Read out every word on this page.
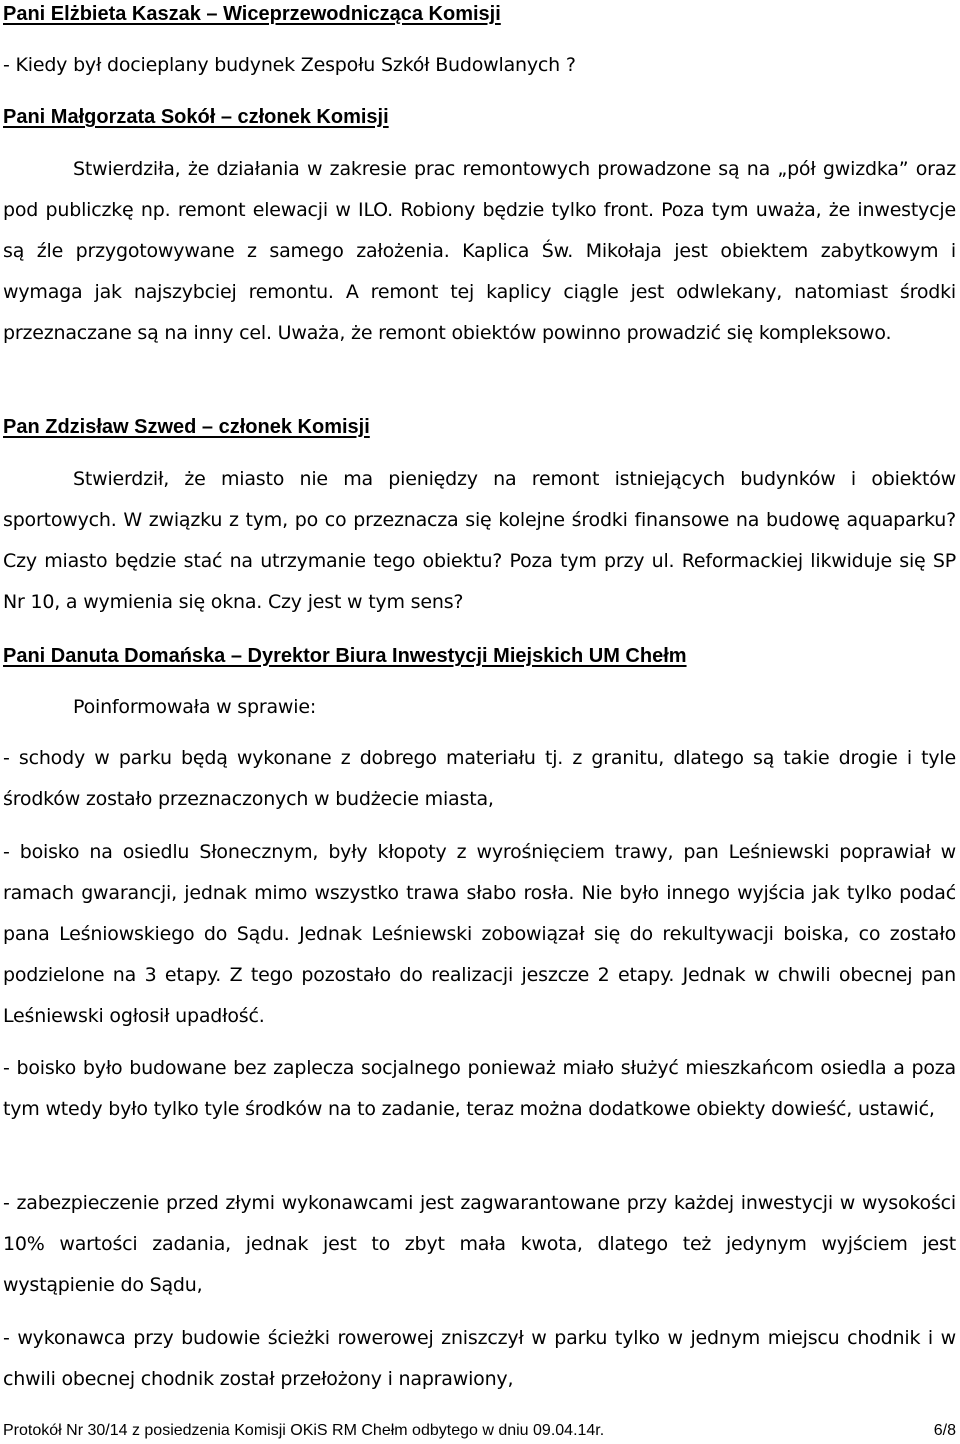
Pani Elżbieta Kaszak – Wiceprzewodnicząca Komisji
- Kiedy był docieplany budynek Zespołu Szkół Budowlanych ?
Pani Małgorzata Sokół – członek Komisji

Stwierdziła, że działania w zakresie prac remontowych prowadzone są na „pół gwizdka” oraz pod publiczkę np. remont elewacji w ILO. Robiony będzie tylko front. Poza tym uważa, że inwestycje są źle przygotowywane z samego założenia. Kaplica Św. Mikołaja jest obiektem zabytkowym i wymaga jak najszybciej remontu. A remont tej kaplicy ciągle jest odwlekany, natomiast środki przeznaczane są na inny cel. Uważa, że remont obiektów powinno prowadzić się kompleksowo.

Pan Zdzisław Szwed – członek Komisji

Stwierdził, że miasto nie ma pieniędzy na remont istniejących budynków i obiektów sportowych. W związku z tym, po co przeznacza się kolejne środki finansowe na budowę aquaparku? Czy miasto będzie stać na utrzymanie tego obiektu? Poza tym przy ul. Reformackiej likwiduje się SP Nr 10, a wymienia się okna. Czy jest w tym sens?

Pani Danuta Domańska – Dyrektor Biura Inwestycji Miejskich UM Chełm
Poinformowała w sprawie:

- schody w parku będą wykonane z dobrego materiału tj. z granitu, dlatego są takie drogie i tyle środków zostało przeznaczonych w budżecie miasta,

- boisko na osiedlu Słonecznym, były kłopoty z wyrośnięciem trawy, pan Leśniewski poprawiał w ramach gwarancji, jednak mimo wszystko trawa słabo rosła. Nie było innego wyjścia jak tylko podać pana Leśniowskiego do Sądu. Jednak Leśniewski zobowiązał się do rekultywacji boiska, co zostało podzielone na 3 etapy. Z tego pozostało do realizacji jeszcze 2 etapy. Jednak w chwili obecnej pan Leśniewski ogłosił upadłość.

- boisko było budowane bez zaplecza socjalnego ponieważ miało służyć mieszkańcom osiedla a poza tym wtedy było tylko tyle środków na to zadanie, teraz można dodatkowe obiekty dowieść, ustawić,

- zabezpieczenie przed złymi wykonawcami jest zagwarantowane przy każdej inwestycji w wysokości 10% wartości zadania, jednak jest to zbyt mała kwota, dlatego też jedynym wyjściem jest wystąpienie do Sądu,

- wykonawca przy budowie ścieżki rowerowej zniszczył w parku tylko w jednym miejscu chodnik i w chwili obecnej chodnik został przełożony i naprawiony,

Protokół Nr 30/14 z posiedzenia Komisji OKiS RM Chełm odbytego w dniu 09.04.14r.	6/8
